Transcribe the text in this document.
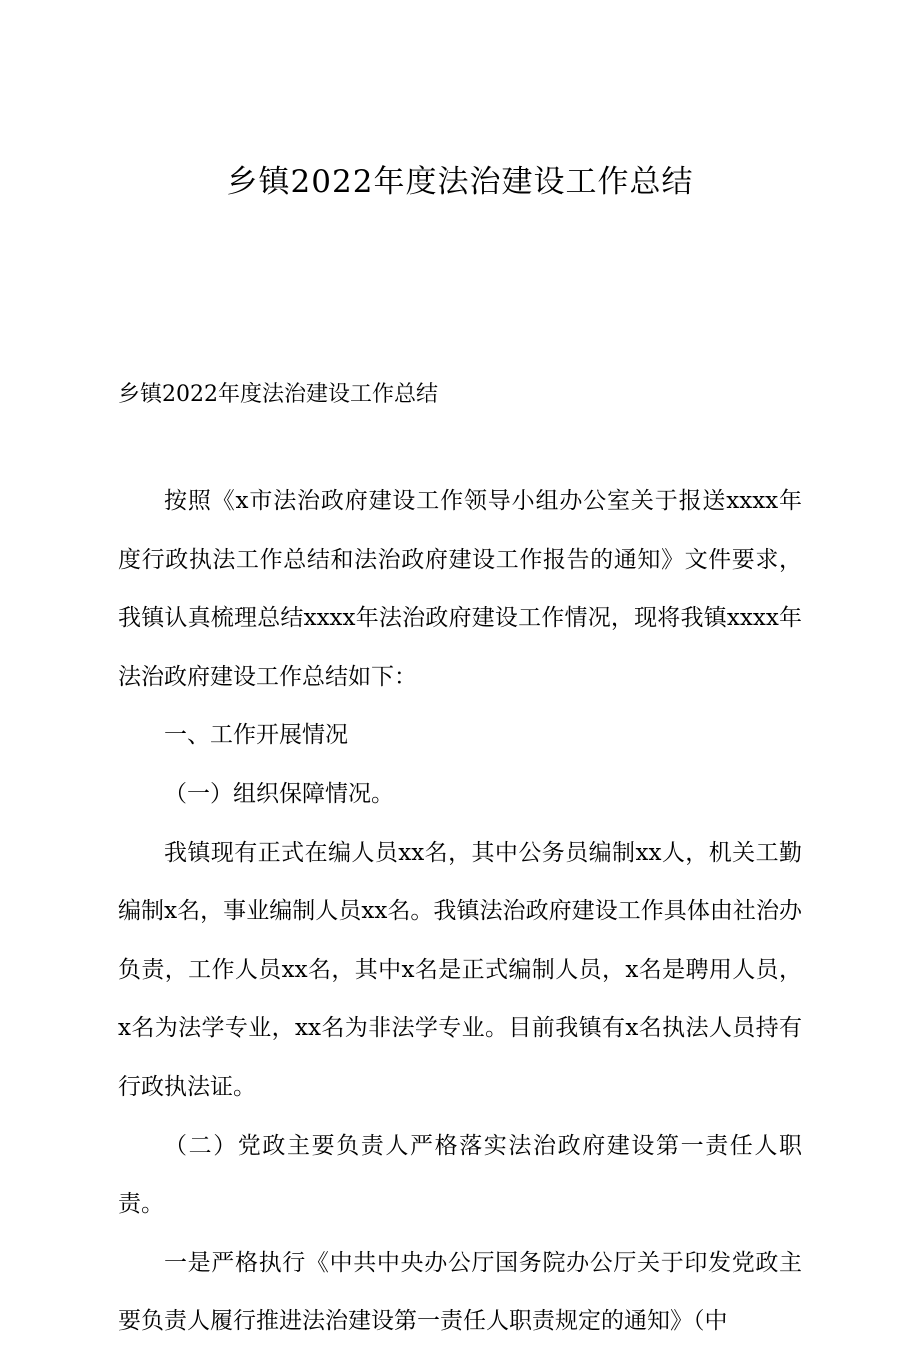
乡镇2022年度法治建设工作总结
乡镇2022年度法治建设工作总结

按照《x市法治政府建设工作领导小组办公室关于报送xxxx年度行政执法工作总结和法治政府建设工作报告的通知》文件要求，我镇认真梳理总结xxxx年法治政府建设工作情况，现将我镇xxxx年法治政府建设工作总结如下：

一、工作开展情况

（一）组织保障情况。

我镇现有正式在编人员xx名，其中公务员编制xx人，机关工勤编制x名，事业编制人员xx名。我镇法治政府建设工作具体由社治办负责，工作人员xx名，其中x名是正式编制人员，x名是聘用人员，x名为法学专业，xx名为非法学专业。目前我镇有x名执法人员持有行政执法证。

（二）党政主要负责人严格落实法治政府建设第一责任人职责。

一是严格执行《中共中央办公厅国务院办公厅关于印发党政主要负责人履行推进法治建设第一责任人职责规定的通知》（中
